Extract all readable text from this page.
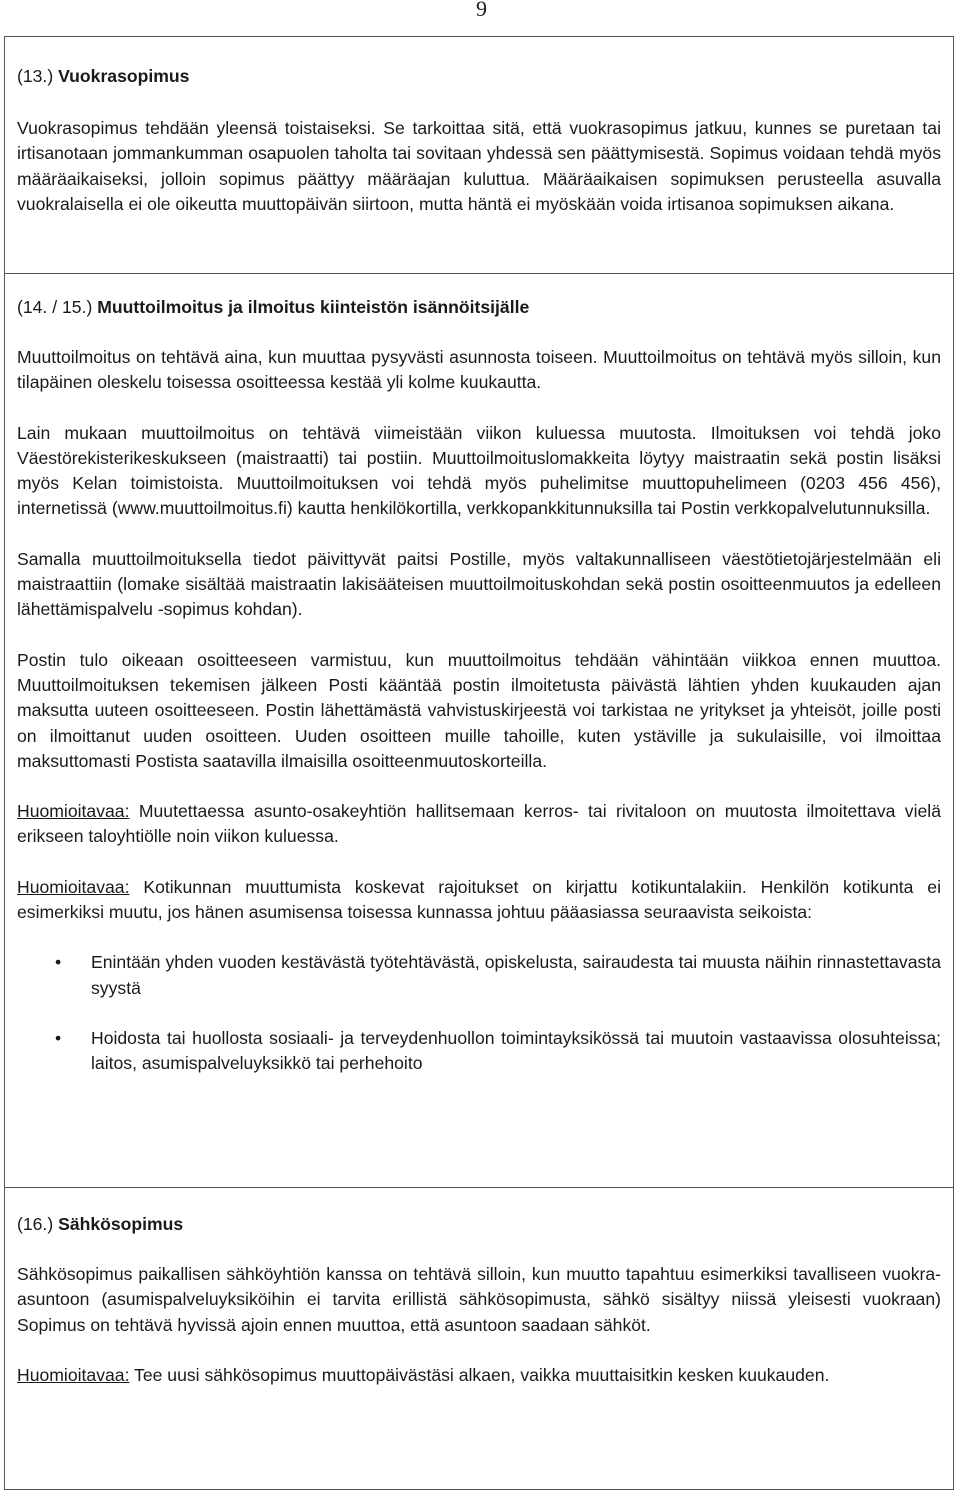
9
(13.) Vuokrasopimus

Vuokrasopimus tehdään yleensä toistaiseksi. Se tarkoittaa sitä, että vuokrasopimus jatkuu, kunnes se puretaan tai irtisanotaan jommankumman osapuolen taholta tai sovitaan yhdessä sen päättymisestä. Sopimus voidaan tehdä myös määräaikaiseksi, jolloin sopimus päättyy määräajan kuluttua. Määräaikaisen sopimuksen perusteella asuvalla vuokralaisella ei ole oikeutta muuttopäivän siirtoon, mutta häntä ei myöskään voida irtisanoa sopimuksen aikana.

(14. / 15.) Muuttoilmoitus ja ilmoitus kiinteistön isännöitsijälle

Muuttoilmoitus on tehtävä aina, kun muuttaa pysyvästi asunnosta toiseen. Muuttoilmoitus on tehtävä myös silloin, kun tilapäinen oleskelu toisessa osoitteessa kestää yli kolme kuukautta.

Lain mukaan muuttoilmoitus on tehtävä viimeistään viikon kuluessa muutosta. Ilmoituksen voi tehdä joko Väestörekisterikeskukseen (maistraatti) tai postiin. Muuttoilmoituslomakkeita löytyy maistraatin sekä postin lisäksi myös Kelan toimistoista. Muuttoilmoituksen voi tehdä myös puhelimitse muuttopuhelimeen (0203 456 456), internetissä (www.muuttoilmoitus.fi) kautta henkilökortilla, verkkopankkitunnuksilla tai Postin verkkopalvelutunnuksilla.

Samalla muuttoilmoituksella tiedot päivittyvät paitsi Postille, myös valtakunnalliseen väestötietojärjestelmään eli maistraattiin (lomake sisältää maistraatin lakisääteisen muuttoilmoituskohdan sekä postin osoitteenmuutos ja edelleen lähettämispalvelu -sopimus kohdan).

Postin tulo oikeaan osoitteeseen varmistuu, kun muuttoilmoitus tehdään vähintään viikkoa ennen muuttoa. Muuttoilmoituksen tekemisen jälkeen Posti kääntää postin ilmoitetusta päivästä lähtien yhden kuukauden ajan maksutta uuteen osoitteeseen. Postin lähettämästä vahvistuskirjeestä voi tarkistaa ne yritykset ja yhteisöt, joille posti on ilmoittanut uuden osoitteen. Uuden osoitteen muille tahoille, kuten ystäville ja sukulaisille, voi ilmoittaa maksuttomasti Postista saatavilla ilmaisilla osoitteenmuutoskorteilla.

Huomioitavaa: Muutettaessa asunto-osakeyhtiön hallitsemaan kerros- tai rivitaloon on muutosta ilmoitettava vielä erikseen taloyhtiölle noin viikon kuluessa.

Huomioitavaa: Kotikunnan muuttumista koskevat rajoitukset on kirjattu kotikuntalakiin. Henkilön kotikunta ei esimerkiksi muutu, jos hänen asumisensa toisessa kunnassa johtuu pääasiassa seuraavista seikoista:

• Enintään yhden vuoden kestävästä työtehtävästä, opiskelusta, sairaudesta tai muusta näihin rinnastettavasta syystä
• Hoidosta tai huollosta sosiaali- ja terveydenhuollon toimintayksikössä tai muutoin vastaavissa olosuhteissa; laitos, asumispalveluyksikkö tai perhehoito
(16.) Sähkösopimus

Sähkösopimus paikallisen sähköyhtiön kanssa on tehtävä silloin, kun muutto tapahtuu esimerkiksi tavalliseen vuokra-asuntoon (asumispalveluyksiköihin ei tarvita erillistä sähkösopimusta, sähkö sisältyy niissä yleisesti vuokraan) Sopimus on tehtävä hyvissä ajoin ennen muuttoa, että asuntoon saadaan sähköt.

Huomioitavaa: Tee uusi sähkösopimus muuttopäivästäsi alkaen, vaikka muuttaisitkin kesken kuukauden.
